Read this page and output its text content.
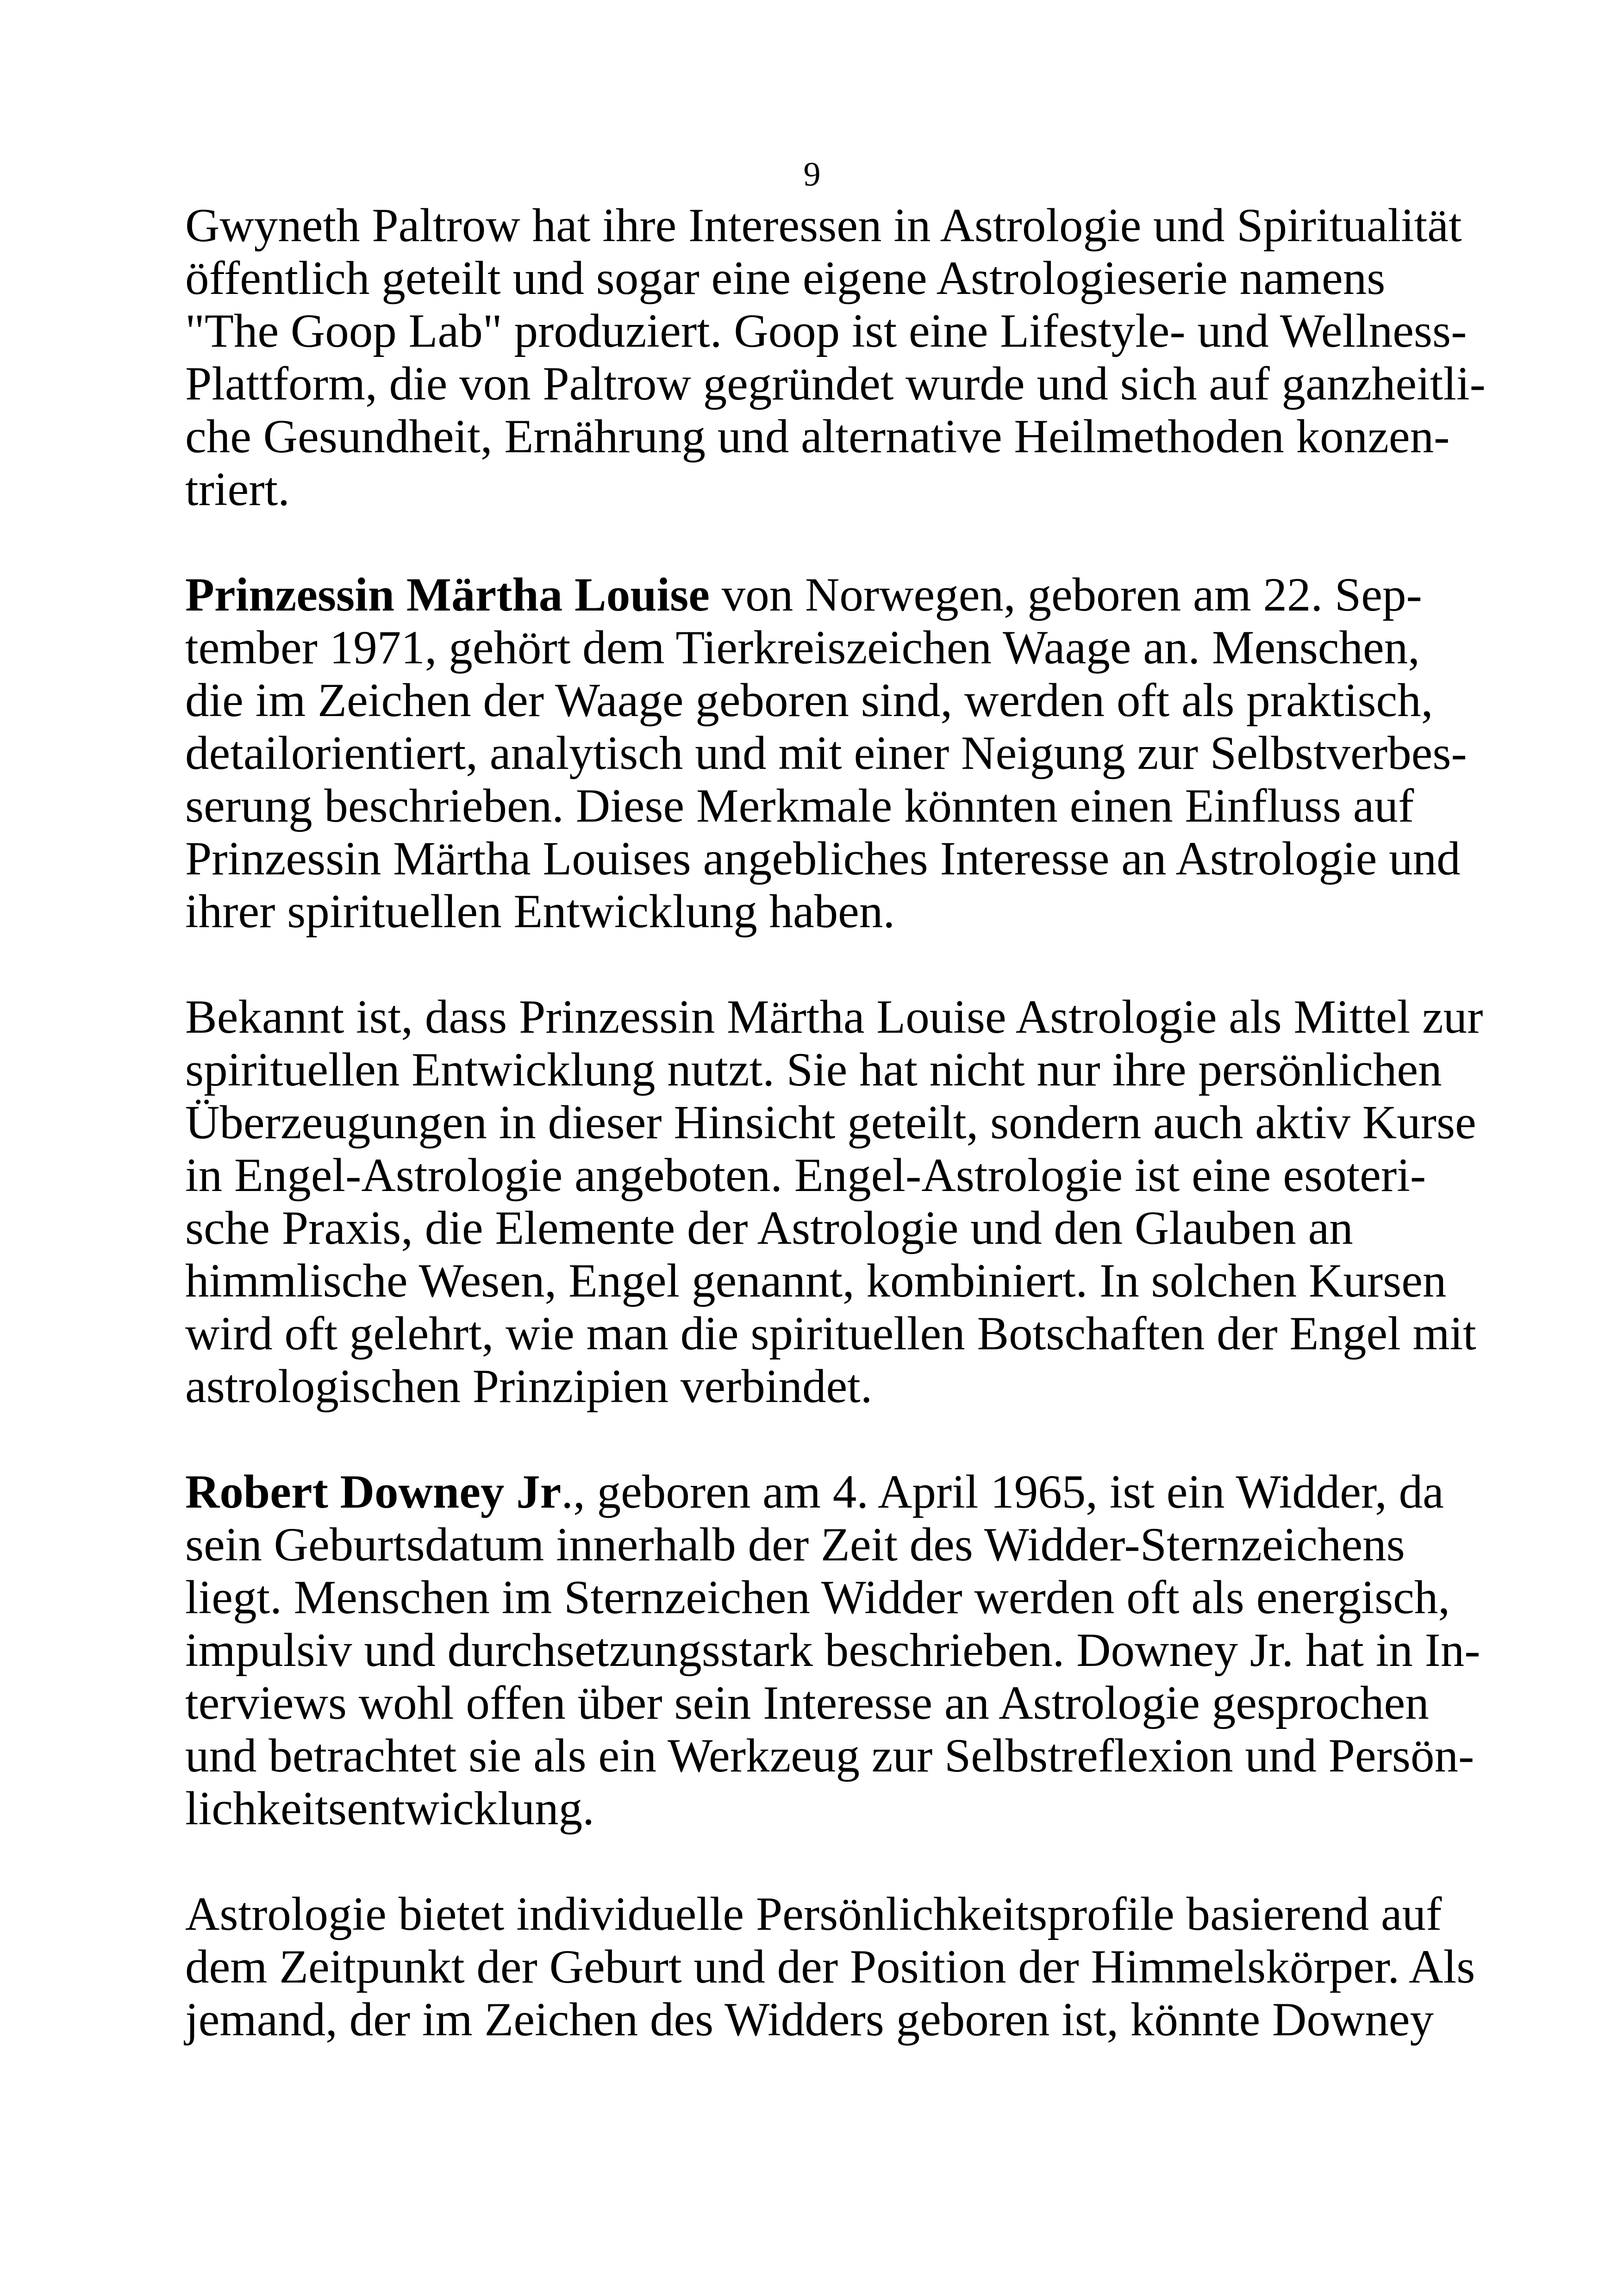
9
Gwyneth Paltrow hat ihre Interessen in Astrologie und Spiritualität
öffentlich geteilt und sogar eine eigene Astrologieserie namens
"The Goop Lab" produziert. Goop ist eine Lifestyle- und Wellness-
Plattform, die von Paltrow gegründet wurde und sich auf ganzheitli-
che Gesundheit, Ernährung und alternative Heilmethoden konzen-
triert.
Prinzessin Märtha Louise von Norwegen, geboren am 22. Sep-
tember 1971, gehört dem Tierkreiszeichen Waage an. Menschen,
die im Zeichen der Waage geboren sind, werden oft als praktisch,
detailorientiert, analytisch und mit einer Neigung zur Selbstverbes-
serung beschrieben. Diese Merkmale könnten einen Einfluss auf
Prinzessin Märtha Louises angebliches Interesse an Astrologie und
ihrer spirituellen Entwicklung haben.
Bekannt ist, dass Prinzessin Märtha Louise Astrologie als Mittel zur
spirituellen Entwicklung nutzt. Sie hat nicht nur ihre persönlichen
Überzeugungen in dieser Hinsicht geteilt, sondern auch aktiv Kurse
in Engel-Astrologie angeboten. Engel-Astrologie ist eine esoteri-
sche Praxis, die Elemente der Astrologie und den Glauben an
himmlische Wesen, Engel genannt, kombiniert. In solchen Kursen
wird oft gelehrt, wie man die spirituellen Botschaften der Engel mit
astrologischen Prinzipien verbindet.
Robert Downey Jr., geboren am 4. April 1965, ist ein Widder, da
sein Geburtsdatum innerhalb der Zeit des Widder-Sternzeichens
liegt. Menschen im Sternzeichen Widder werden oft als energisch,
impulsiv und durchsetzungsstark beschrieben. Downey Jr. hat in In-
terviews wohl offen über sein Interesse an Astrologie gesprochen
und betrachtet sie als ein Werkzeug zur Selbstreflexion und Persön-
lichkeitsentwicklung.
Astrologie bietet individuelle Persönlichkeitsprofile basierend auf
dem Zeitpunkt der Geburt und der Position der Himmelskörper. Als
jemand, der im Zeichen des Widders geboren ist, könnte Downey
